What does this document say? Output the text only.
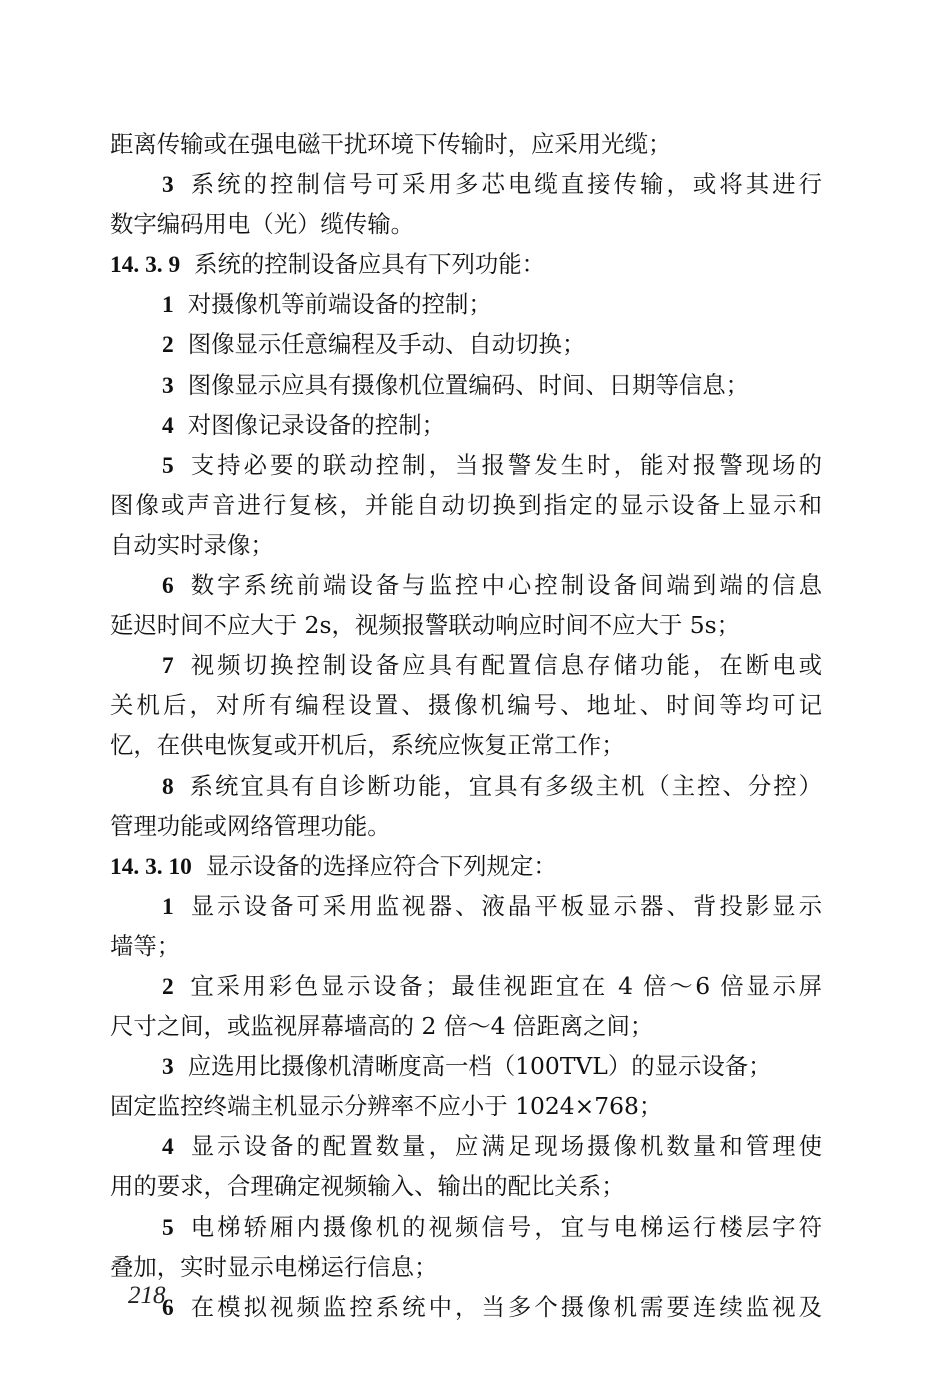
距离传输或在强电磁干扰环境下传输时，应采用光缆；
3 系统的控制信号可采用多芯电缆直接传输，或将其进行
数字编码用电（光）缆传输。
14. 3. 9 系统的控制设备应具有下列功能：
1 对摄像机等前端设备的控制；
2 图像显示任意编程及手动、自动切换；
3 图像显示应具有摄像机位置编码、时间、日期等信息；
4 对图像记录设备的控制；
5 支持必要的联动控制，当报警发生时，能对报警现场的
图像或声音进行复核，并能自动切换到指定的显示设备上显示和
自动实时录像；
6 数字系统前端设备与监控中心控制设备间端到端的信息
延迟时间不应大于 2s，视频报警联动响应时间不应大于 5s；
7 视频切换控制设备应具有配置信息存储功能，在断电或
关机后，对所有编程设置、摄像机编号、地址、时间等均可记
忆，在供电恢复或开机后，系统应恢复正常工作；
8 系统宜具有自诊断功能，宜具有多级主机（主控、分控）
管理功能或网络管理功能。
14. 3. 10 显示设备的选择应符合下列规定：
1 显示设备可采用监视器、液晶平板显示器、背投影显示
墙等；
2 宜采用彩色显示设备；最佳视距宜在 4 倍～6 倍显示屏
尺寸之间，或监视屏幕墙高的 2 倍～4 倍距离之间；
3 应选用比摄像机清晰度高一档（100TVL）的显示设备；
固定监控终端主机显示分辨率不应小于 1024×768；
4 显示设备的配置数量，应满足现场摄像机数量和管理使
用的要求，合理确定视频输入、输出的配比关系；
5 电梯轿厢内摄像机的视频信号，宜与电梯运行楼层字符
叠加，实时显示电梯运行信息；
6 在模拟视频监控系统中，当多个摄像机需要连续监视及
218
